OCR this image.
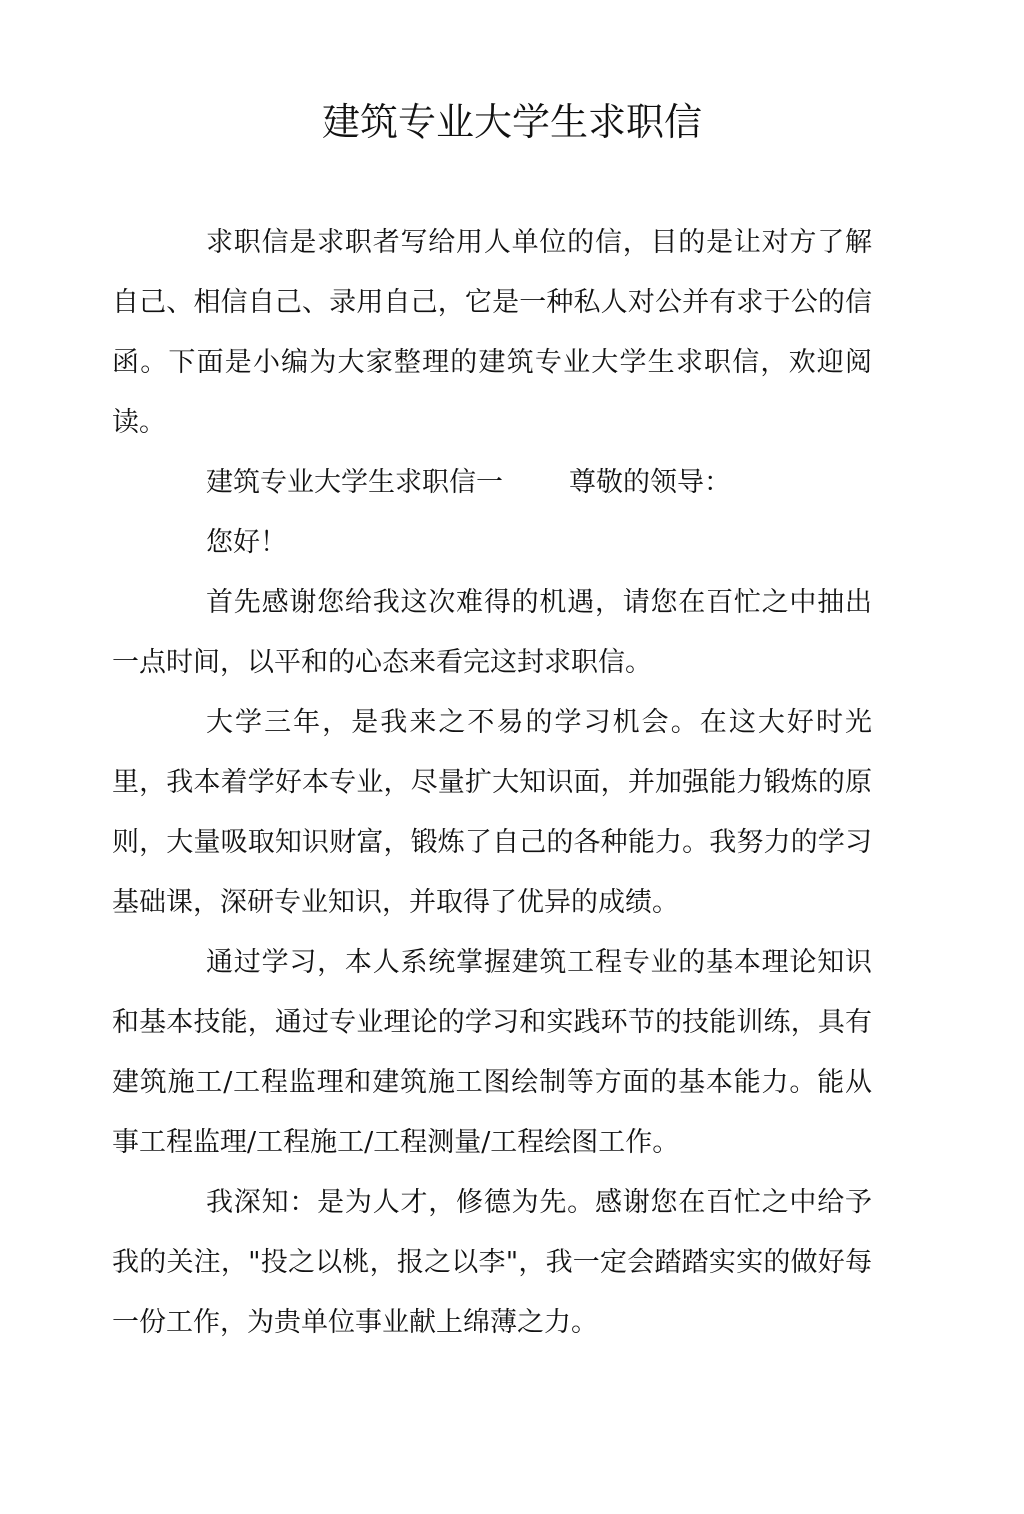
建筑专业大学生求职信

求职信是求职者写给用人单位的信，目的是让对方了解自己、相信自己、录用自己，它是一种私人对公并有求于公的信函。下面是小编为大家整理的建筑专业大学生求职信，欢迎阅读。

建筑专业大学生求职信一 尊敬的领导：

您好！

首先感谢您给我这次难得的机遇，请您在百忙之中抽出一点时间，以平和的心态来看完这封求职信。

大学三年，是我来之不易的学习机会。在这大好时光里，我本着学好本专业，尽量扩大知识面，并加强能力锻炼的原则，大量吸取知识财富，锻炼了自己的各种能力。我努力的学习基础课，深研专业知识，并取得了优异的成绩。

通过学习，本人系统掌握建筑工程专业的基本理论知识和基本技能，通过专业理论的学习和实践环节的技能训练，具有建筑施工/工程监理和建筑施工图绘制等方面的基本能力。能从事工程监理/工程施工/工程测量/工程绘图工作。

我深知：是为人才，修德为先。感谢您在百忙之中给予我的关注，"投之以桃，报之以李"，我一定会踏踏实实的做好每一份工作，为贵单位事业献上绵薄之力。
